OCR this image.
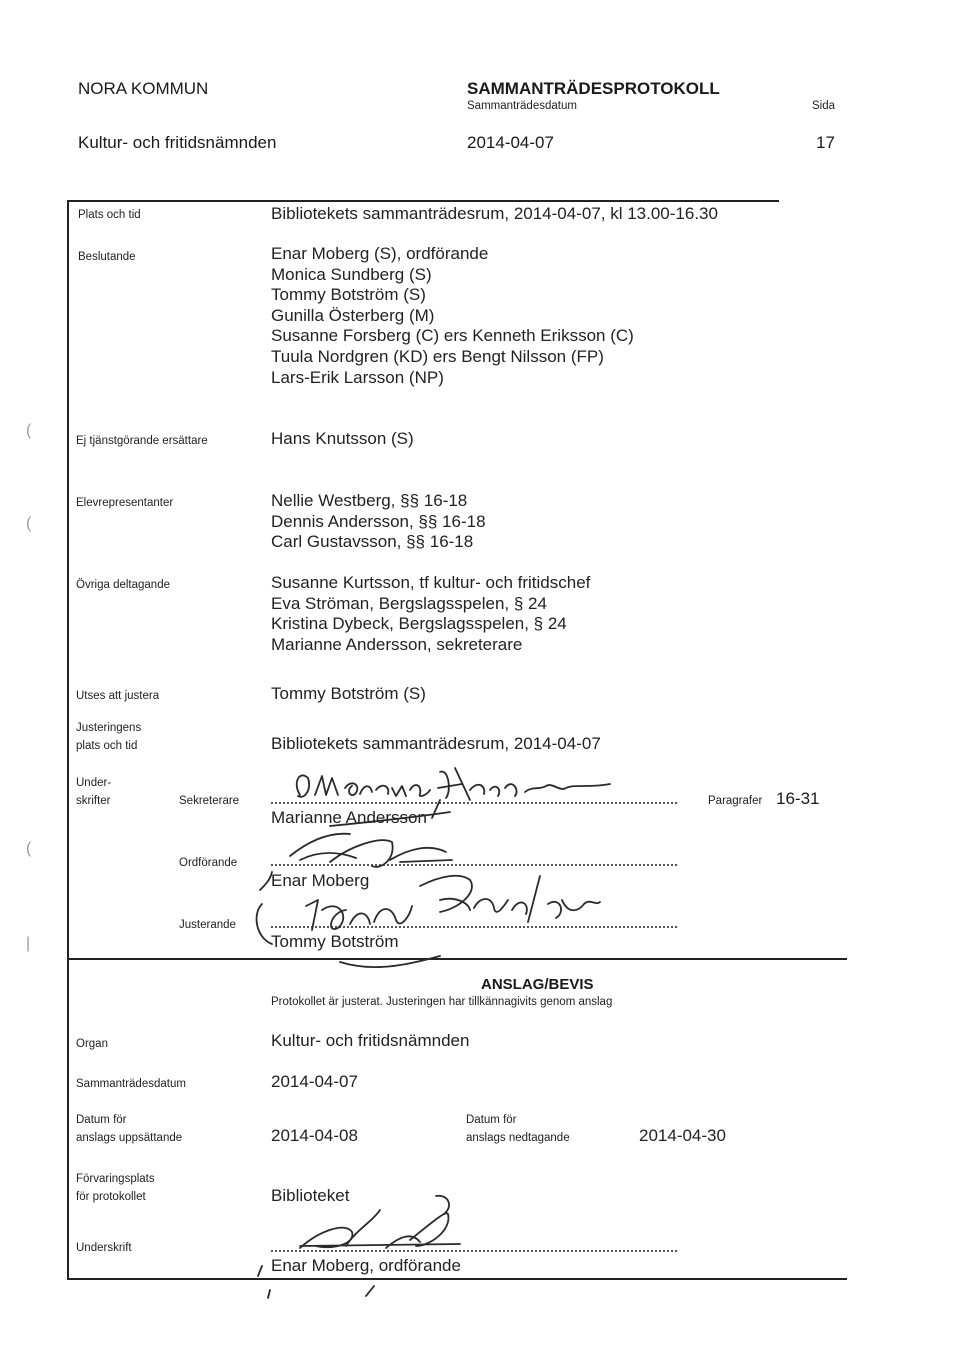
(
(
(
|
NORA KOMMUN	SAMMANTRÄDESPROTOKOLL
Sammanträdesdatum	Sida
Kultur- och fritidsnämnden	2014-04-07	17
Plats och tid	Bibliotekets sammanträdesrum, 2014-04-07, kl 13.00-16.30
Beslutande	Enar Moberg (S), ordförande
Monica Sundberg (S)
Tommy Botström (S)
Gunilla Österberg (M)
Susanne Forsberg (C) ers Kenneth Eriksson (C)
Tuula Nordgren (KD) ers Bengt Nilsson (FP)
Lars-Erik Larsson (NP)
Ej tjänstgörande ersättare	Hans Knutsson (S)
Elevrepresentanter	Nellie Westberg, §§ 16-18
Dennis Andersson, §§ 16-18
Carl Gustavsson, §§ 16-18
Övriga deltagande	Susanne Kurtsson, tf kultur- och fritidschef
Eva Ströman, Bergslagsspelen, § 24
Kristina Dybeck, Bergslagsspelen, § 24
Marianne Andersson, sekreterare
Utses att justera	Tommy Botström (S)
Justeringens
plats och tid	Bibliotekets sammanträdesrum, 2014-04-07
Under-
skrifter	Sekreterare
Marianne Andersson
Paragrafer 16-31
Ordförande
Enar Moberg
Justerande
Tommy Botström
ANSLAG/BEVIS
Protokollet är justerat. Justeringen har tillkännagivits genom anslag
Organ	Kultur- och fritidsnämnden
Sammanträdesdatum	2014-04-07
Datum för
anslags uppsättande	2014-04-08
Datum för
anslags nedtagande	2014-04-30
Förvaringsplats
för protokollet	Biblioteket
Underskrift
Enar Moberg, ordförande
